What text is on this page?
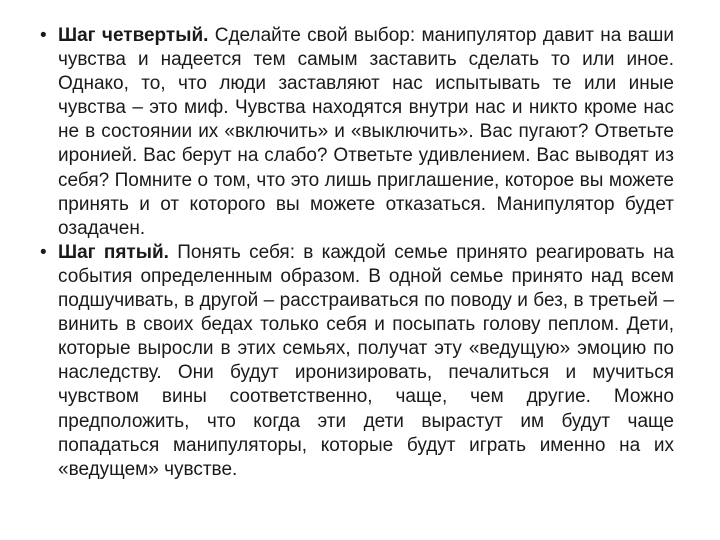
• Шаг четвертый. Сделайте свой выбор: манипулятор давит на ваши чувства и надеется тем самым заставить сделать то или иное. Однако, то, что люди заставляют нас испытывать те или иные чувства – это миф. Чувства находятся внутри нас и никто кроме нас не в состоянии их «включить» и «выключить». Вас пугают? Ответьте иронией. Вас берут на слабо? Ответьте удивлением. Вас выводят из себя? Помните о том, что это лишь приглашение, которое вы можете принять и от которого вы можете отказаться. Манипулятор будет озадачен.
• Шаг пятый. Понять себя: в каждой семье принято реагировать на события определенным образом. В одной семье принято над всем подшучивать, в другой – расстраиваться по поводу и без, в третьей – винить в своих бедах только себя и посыпать голову пеплом. Дети, которые выросли в этих семьях, получат эту «ведущую» эмоцию по наследству. Они будут иронизировать, печалиться и мучиться чувством вины соответственно, чаще, чем другие. Можно предположить, что когда эти дети вырастут им будут чаще попадаться манипуляторы, которые будут играть именно на их «ведущем» чувстве.
